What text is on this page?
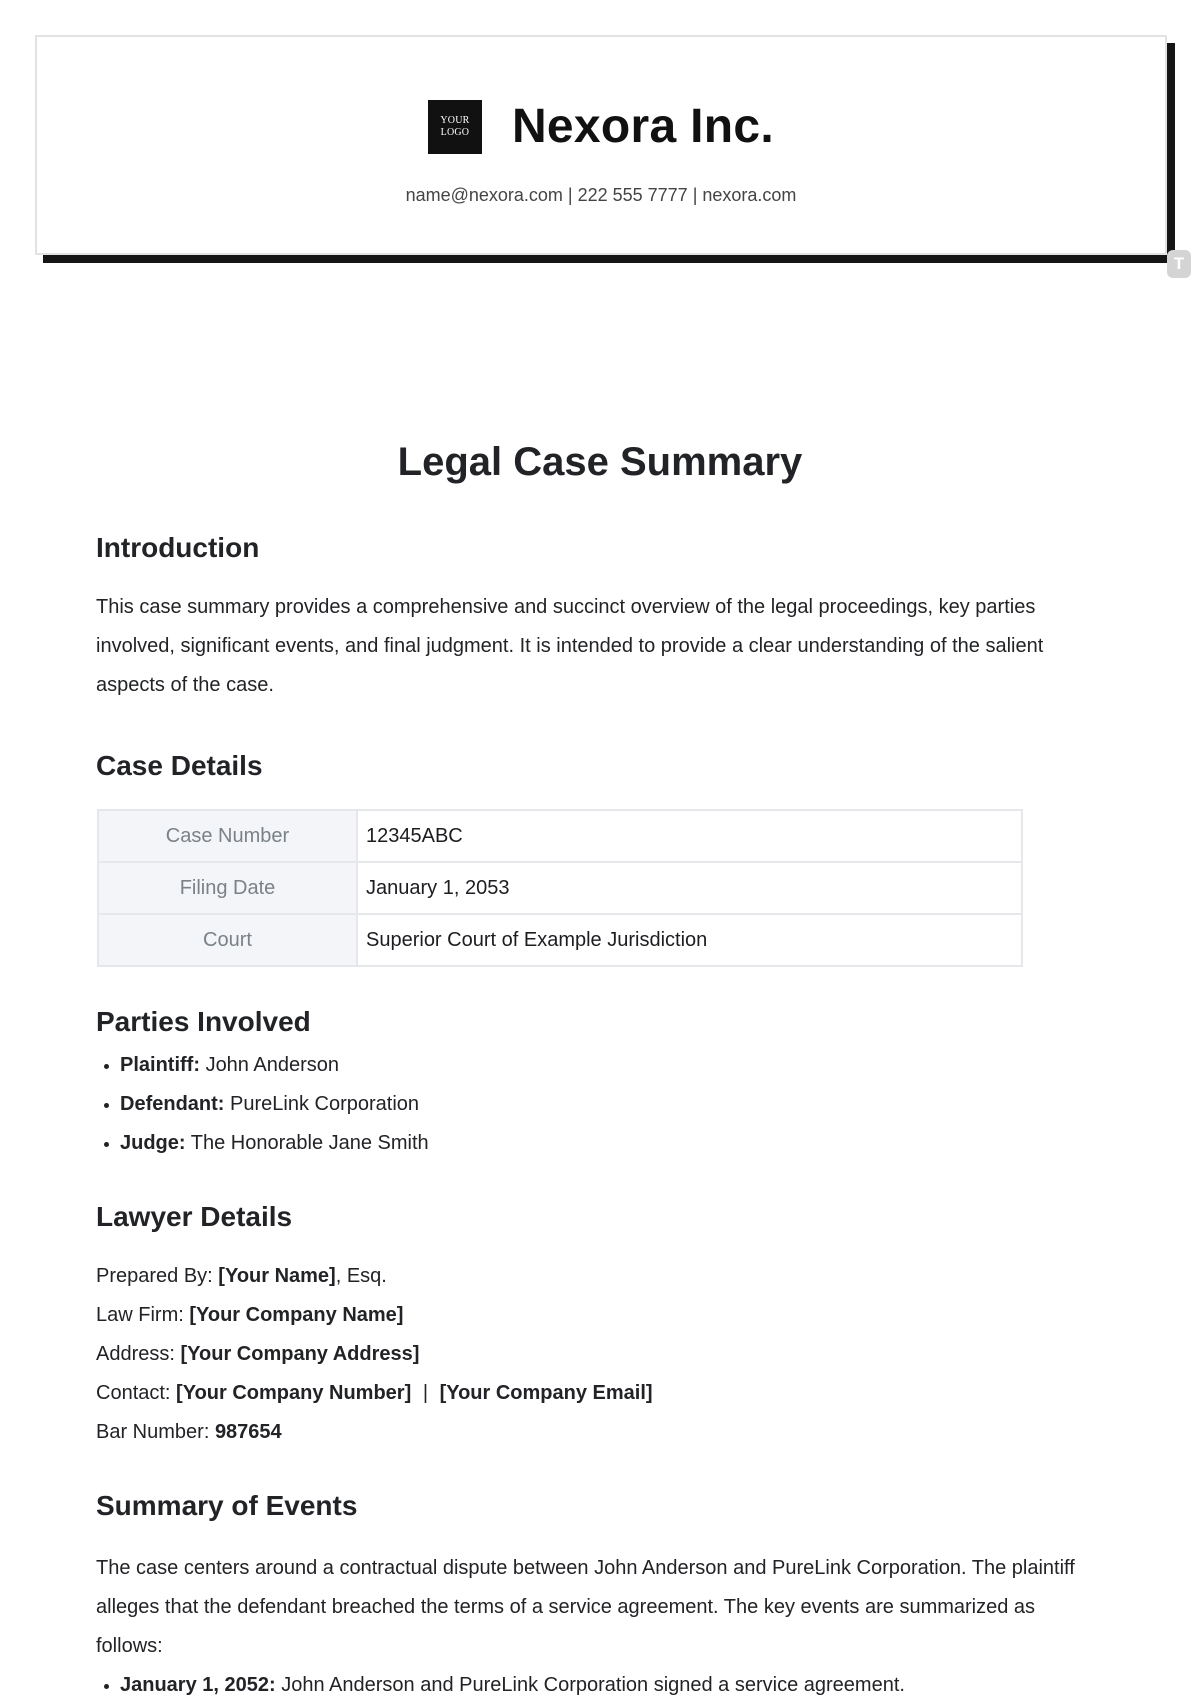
YOUR
LOGO Nexora Inc.
name@nexora.com | 222 555 7777 | nexora.com
T
Legal Case Summary
Introduction

This case summary provides a comprehensive and succinct overview of the legal proceedings, key parties involved, significant events, and final judgment. It is intended to provide a clear understanding of the salient aspects of the case.

Case Details
Case Number	12345ABC
Filing Date	January 1, 2053
Court	Superior Court of Example Jurisdiction
Parties Involved
Plaintiff: John Anderson
Defendant: PureLink Corporation
Judge: The Honorable Jane Smith
Lawyer Details
Prepared By: [Your Name], Esq.
Law Firm: [Your Company Name]
Address: [Your Company Address]
Contact: [Your Company Number] | [Your Company Email]
Bar Number: 987654
Summary of Events

The case centers around a contractual dispute between John Anderson and PureLink Corporation. The plaintiff alleges that the defendant breached the terms of a service agreement. The key events are summarized as follows:

January 1, 2052: John Anderson and PureLink Corporation signed a service agreement.
